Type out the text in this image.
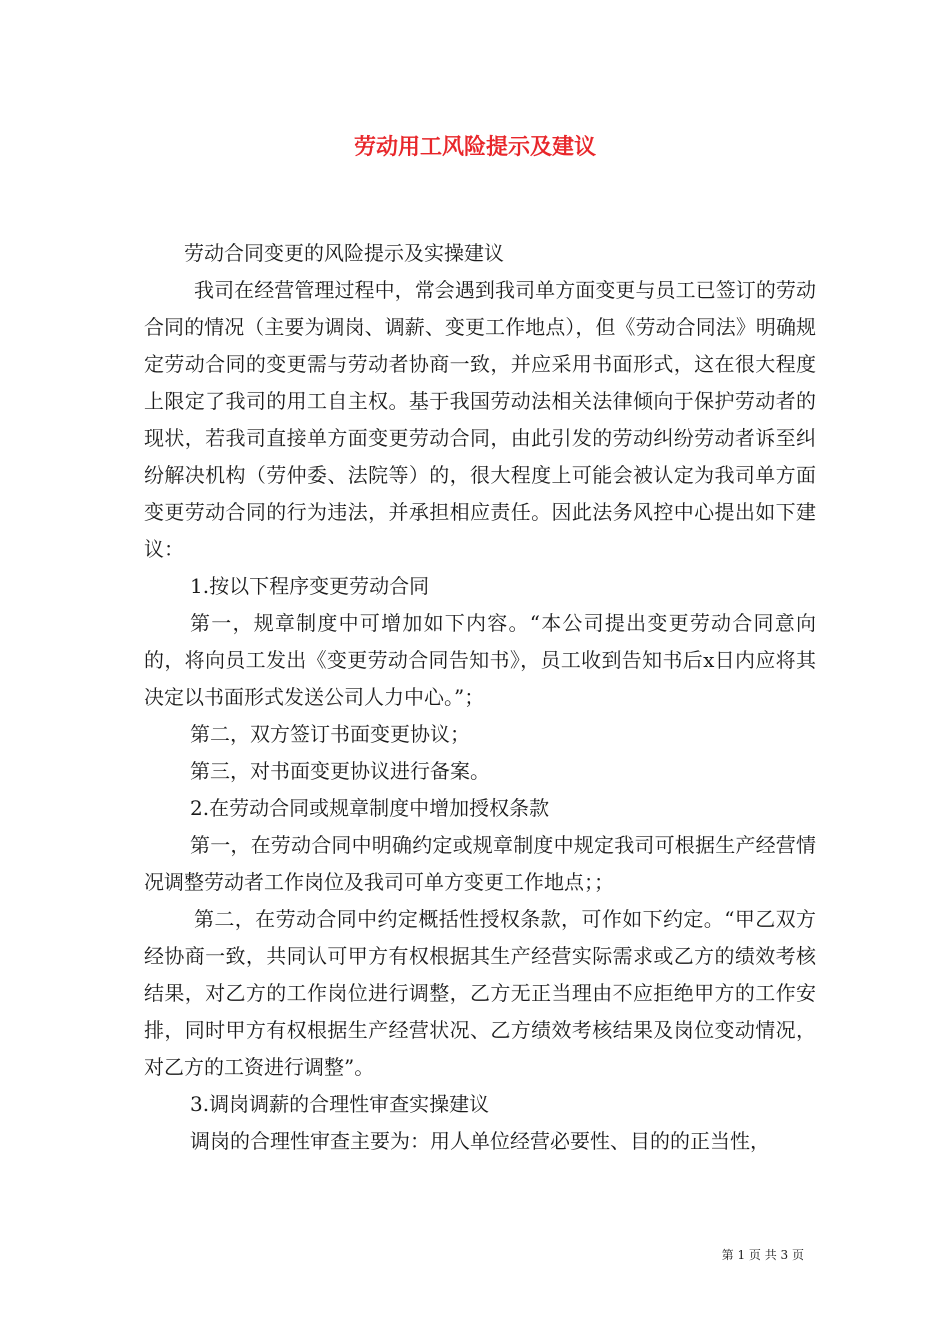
劳动用工风险提示及建议

劳动合同变更的风险提示及实操建议

我司在经营管理过程中，常会遇到我司单方面变更与员工已签订的劳动合同的情况（主要为调岗、调薪、变更工作地点），但《劳动合同法》明确规定劳动合同的变更需与劳动者协商一致，并应采用书面形式，这在很大程度上限定了我司的用工自主权。基于我国劳动法相关法律倾向于保护劳动者的现状，若我司直接单方面变更劳动合同，由此引发的劳动纠纷劳动者诉至纠纷解决机构（劳仲委、法院等）的，很大程度上可能会被认定为我司单方面变更劳动合同的行为违法，并承担相应责任。因此法务风控中心提出如下建议：

1.按以下程序变更劳动合同

第一，规章制度中可增加如下内容。“本公司提出变更劳动合同意向的，将向员工发出《变更劳动合同告知书》，员工收到告知书后x日内应将其决定以书面形式发送公司人力中心。”；

第二，双方签订书面变更协议；

第三，对书面变更协议进行备案。

2.在劳动合同或规章制度中增加授权条款

第一，在劳动合同中明确约定或规章制度中规定我司可根据生产经营情况调整劳动者工作岗位及我司可单方变更工作地点；；

第二，在劳动合同中约定概括性授权条款，可作如下约定。“甲乙双方经协商一致，共同认可甲方有权根据其生产经营实际需求或乙方的绩效考核结果，对乙方的工作岗位进行调整，乙方无正当理由不应拒绝甲方的工作安排，同时甲方有权根据生产经营状况、乙方绩效考核结果及岗位变动情况，对乙方的工资进行调整”。

3.调岗调薪的合理性审查实操建议

调岗的合理性审查主要为：用人单位经营必要性、目的的正当性，

第 1 页 共 3 页
